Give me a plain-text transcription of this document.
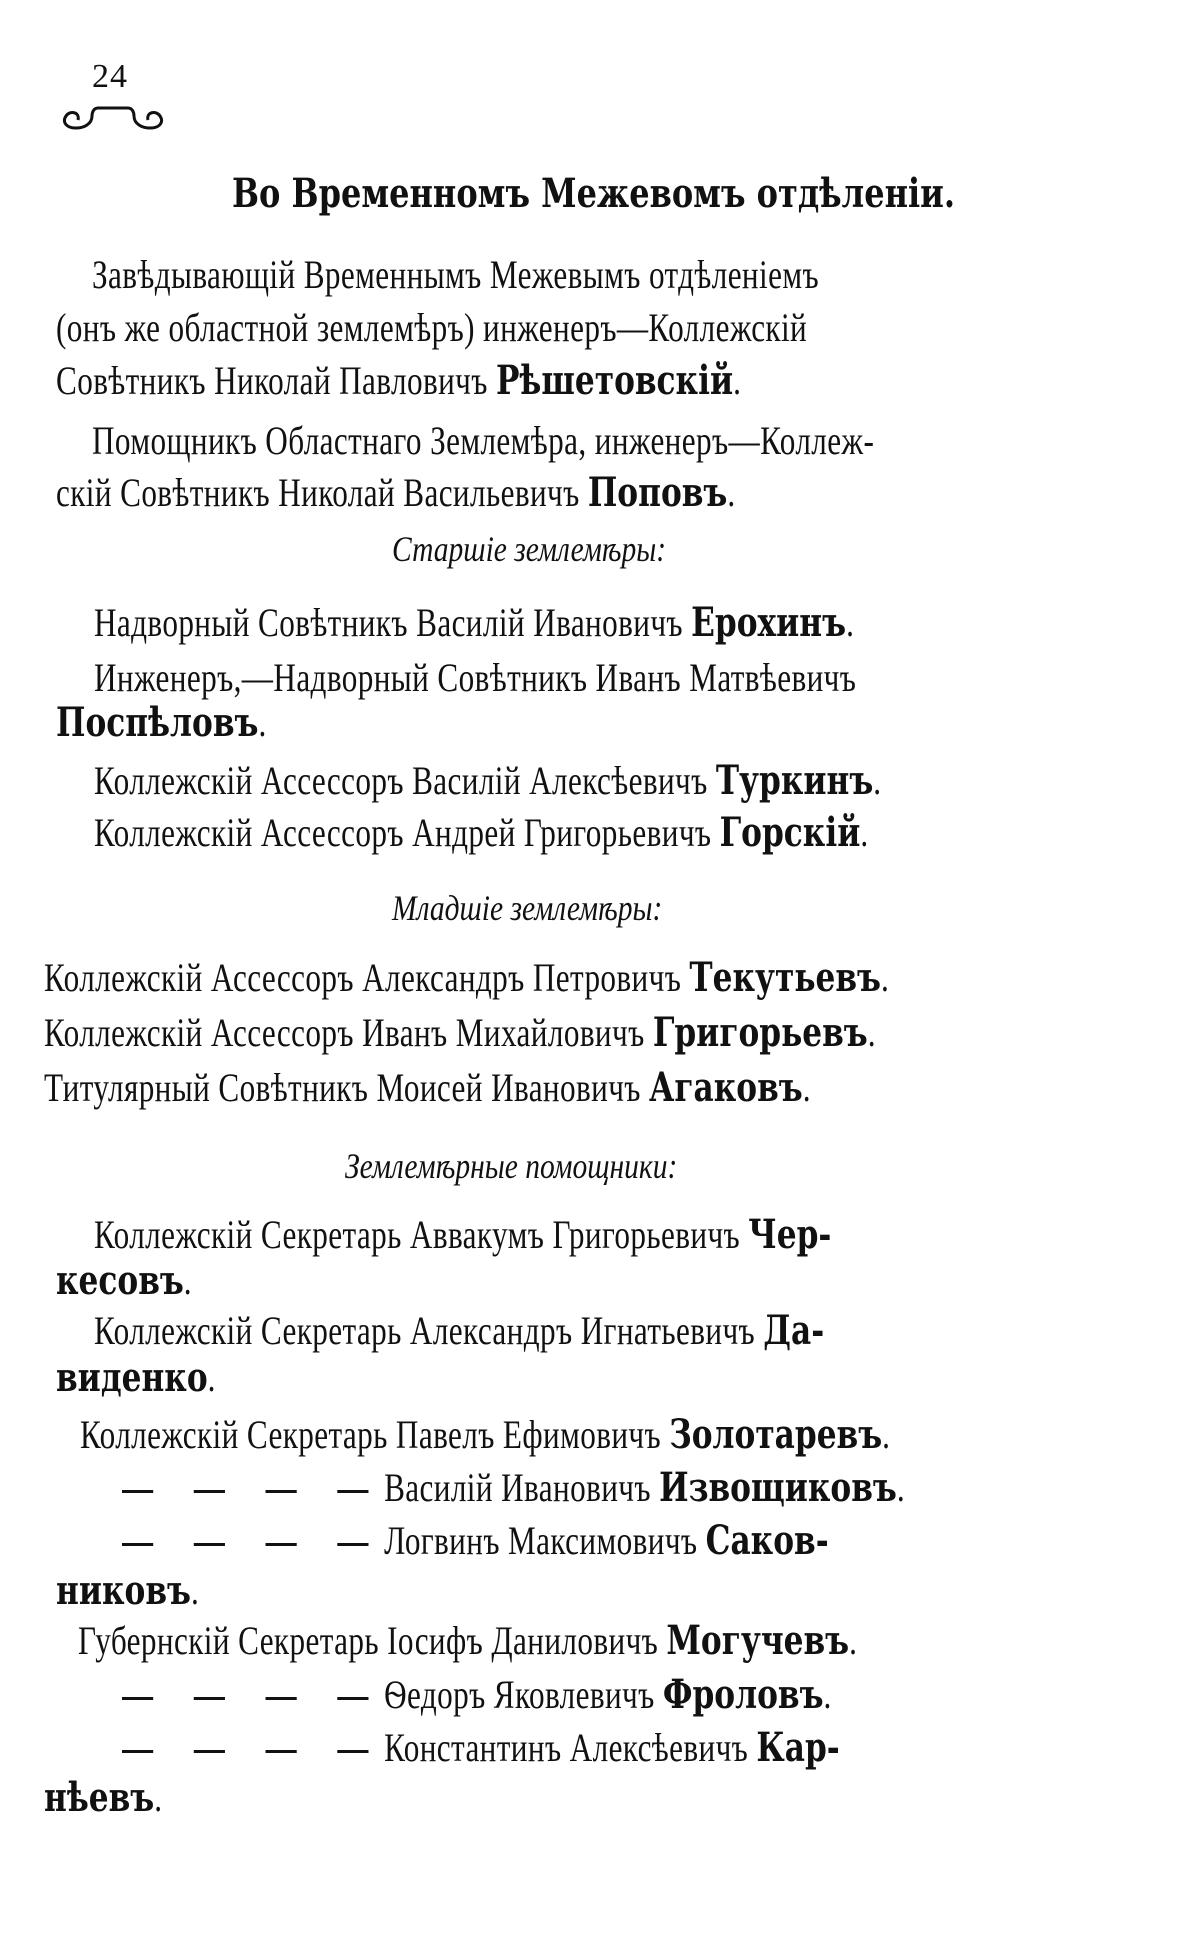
24
Во Временномъ Межевомъ отдѣленіи.
Завѣдывающій Временнымъ Межевымъ отдѣленіемъ
(онъ же областной землемѣръ) инженеръ—Коллежскій
Совѣтникъ Николай Павловичъ Рѣшетовскій.
Помощникъ Областнаго Землемѣра, инженеръ—Коллеж-
скій Совѣтникъ Николай Васильевичъ Поповъ.
Старшіе землемѣры:
Надворный Совѣтникъ Василій Ивановичъ Ерохинъ.
Инженеръ,—Надворный Совѣтникъ Иванъ Матвѣевичъ
Поспѣловъ.
Коллежскій Ассессоръ Василій Алексѣевичъ Туркинъ.
Коллежскій Ассессоръ Андрей Григорьевичъ Горскій.
Младшіе землемѣры:
Коллежскій Ассессоръ Александръ Петровичъ Текутьевъ.
Коллежскій Ассессоръ Иванъ Михайловичъ Григорьевъ.
Титулярный Совѣтникъ Моисей Ивановичъ Агаковъ.
Землемѣрные помощники:
Коллежскій Секретарь Аввакумъ Григорьевичъ Чер-
кесовъ.
Коллежскій Секретарь Александръ Игнатьевичъ Да-
виденко.
Коллежскій Секретарь Павелъ Ефимовичъ Золотаревъ.
Василій Ивановичъ Извощиковъ.
Логвинъ Максимовичъ Саков-
никовъ.
Губернскій Секретарь Іосифъ Даниловичъ Могучевъ.
Ѳедоръ Яковлевичъ Фроловъ.
Константинъ Алексѣевичъ Кар-
нѣевъ.
